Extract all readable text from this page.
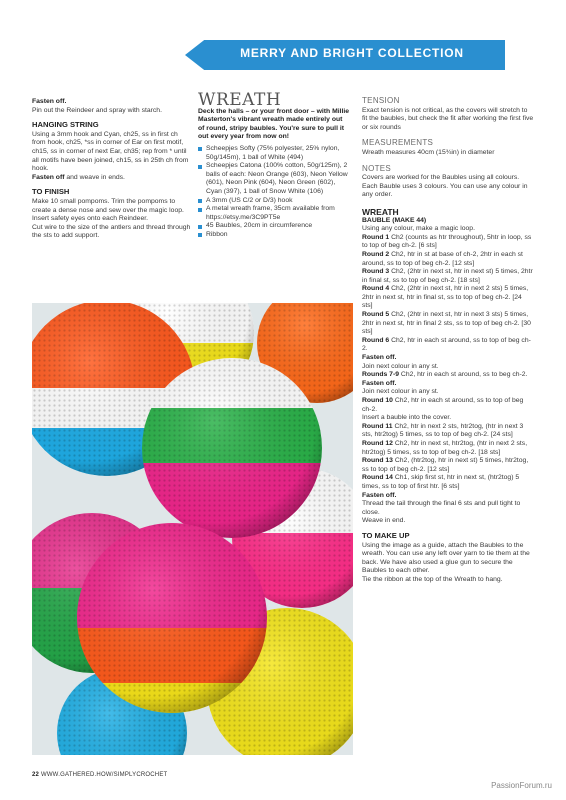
MERRY AND BRIGHT COLLECTION

Fasten off.

Pin out the Reindeer and spray with starch.

HANGING STRING

Using a 3mm hook and Cyan, ch25, ss in first ch from hook, ch25, *ss in corner of Ear on first motif, ch15, ss in corner of next Ear, ch35; rep from * until all motifs have been joined, ch15, ss in 25th ch from hook.

Fasten off and weave in ends.

TO FINISH

Make 10 small pompoms. Trim the pompoms to create a dense nose and sew over the magic loop.

Insert safety eyes onto each Reindeer.

Cut wire to the size of the antlers and thread through the sts to add support.

WREATH

Deck the halls – or your front door – with Millie Masterton's vibrant wreath made entirely out of round, stripy baubles. You're sure to pull it out every year from now on!

Scheepjes Softy (75% polyester, 25% nylon, 50g/145m), 1 ball of White (494)
Scheepjes Catona (100% cotton, 50g/125m), 2 balls of each: Neon Orange (603), Neon Yellow (601), Neon Pink (604), Neon Green (602), Cyan (397), 1 ball of Snow White (106)
A 3mm (US C/2 or D/3) hook
A metal wreath frame, 35cm available from https://etsy.me/3C9PT5e
45 Baubles, 20cm in circumference
Ribbon

TENSION

Exact tension is not critical, as the covers will stretch to fit the baubles, but check the fit after working the first five or six rounds

MEASUREMENTS

Wreath measures 40cm (15¾in) in diameter

NOTES

Covers are worked for the Baubles using all colours. Each Bauble uses 3 colours. You can use any colour in any order.

WREATH

BAUBLE (MAKE 44)

Using any colour, make a magic loop.

Round 1 Ch2 (counts as htr throughout), 5htr in loop, ss to top of beg ch-2. [6 sts]

Round 2 Ch2, htr in st at base of ch-2, 2htr in each st around, ss to top of beg ch-2. [12 sts]

Round 3 Ch2, (2htr in next st, htr in next st) 5 times, 2htr in final st, ss to top of beg ch-2. [18 sts]

Round 4 Ch2, (2htr in next st, htr in next 2 sts) 5 times, 2htr in next st, htr in final st, ss to top of beg ch-2. [24 sts]

Round 5 Ch2, (2htr in next st, htr in next 3 sts) 5 times, 2htr in next st, htr in final 2 sts, ss to top of beg ch-2. [30 sts]

Round 6 Ch2, htr in each st around, ss to top of beg ch-2.

Fasten off.

Join next colour in any st.

Rounds 7-9 Ch2, htr in each st around, ss to beg ch-2.

Fasten off.

Join next colour in any st.

Round 10 Ch2, htr in each st around, ss to top of beg ch-2.

Insert a bauble into the cover.

Round 11 Ch2, htr in next 2 sts, htr2tog, (htr in next 3 sts, htr2tog) 5 times, ss to top of beg ch-2. [24 sts]

Round 12 Ch2, htr in next st, htr2tog, (htr in next 2 sts, htr2tog) 5 times, ss to top of beg ch-2. [18 sts]

Round 13 Ch2, (htr2tog, htr in next st) 5 times, htr2tog, ss to top of beg ch-2. [12 sts]

Round 14 Ch1, skip first st, htr in next st, (htr2tog) 5 times, ss to top of first htr. [6 sts]

Fasten off.

Thread the tail through the final 6 sts and pull tight to close.

Weave in end.

TO MAKE UP

Using the image as a guide, attach the Baubles to the wreath. You can use any left over yarn to tie them at the back. We have also used a glue gun to secure the Baubles to each other.

Tie the ribbon at the top of the Wreath to hang.

22 WWW.GATHERED.HOW/SIMPLYCROCHET
PassionForum.ru
